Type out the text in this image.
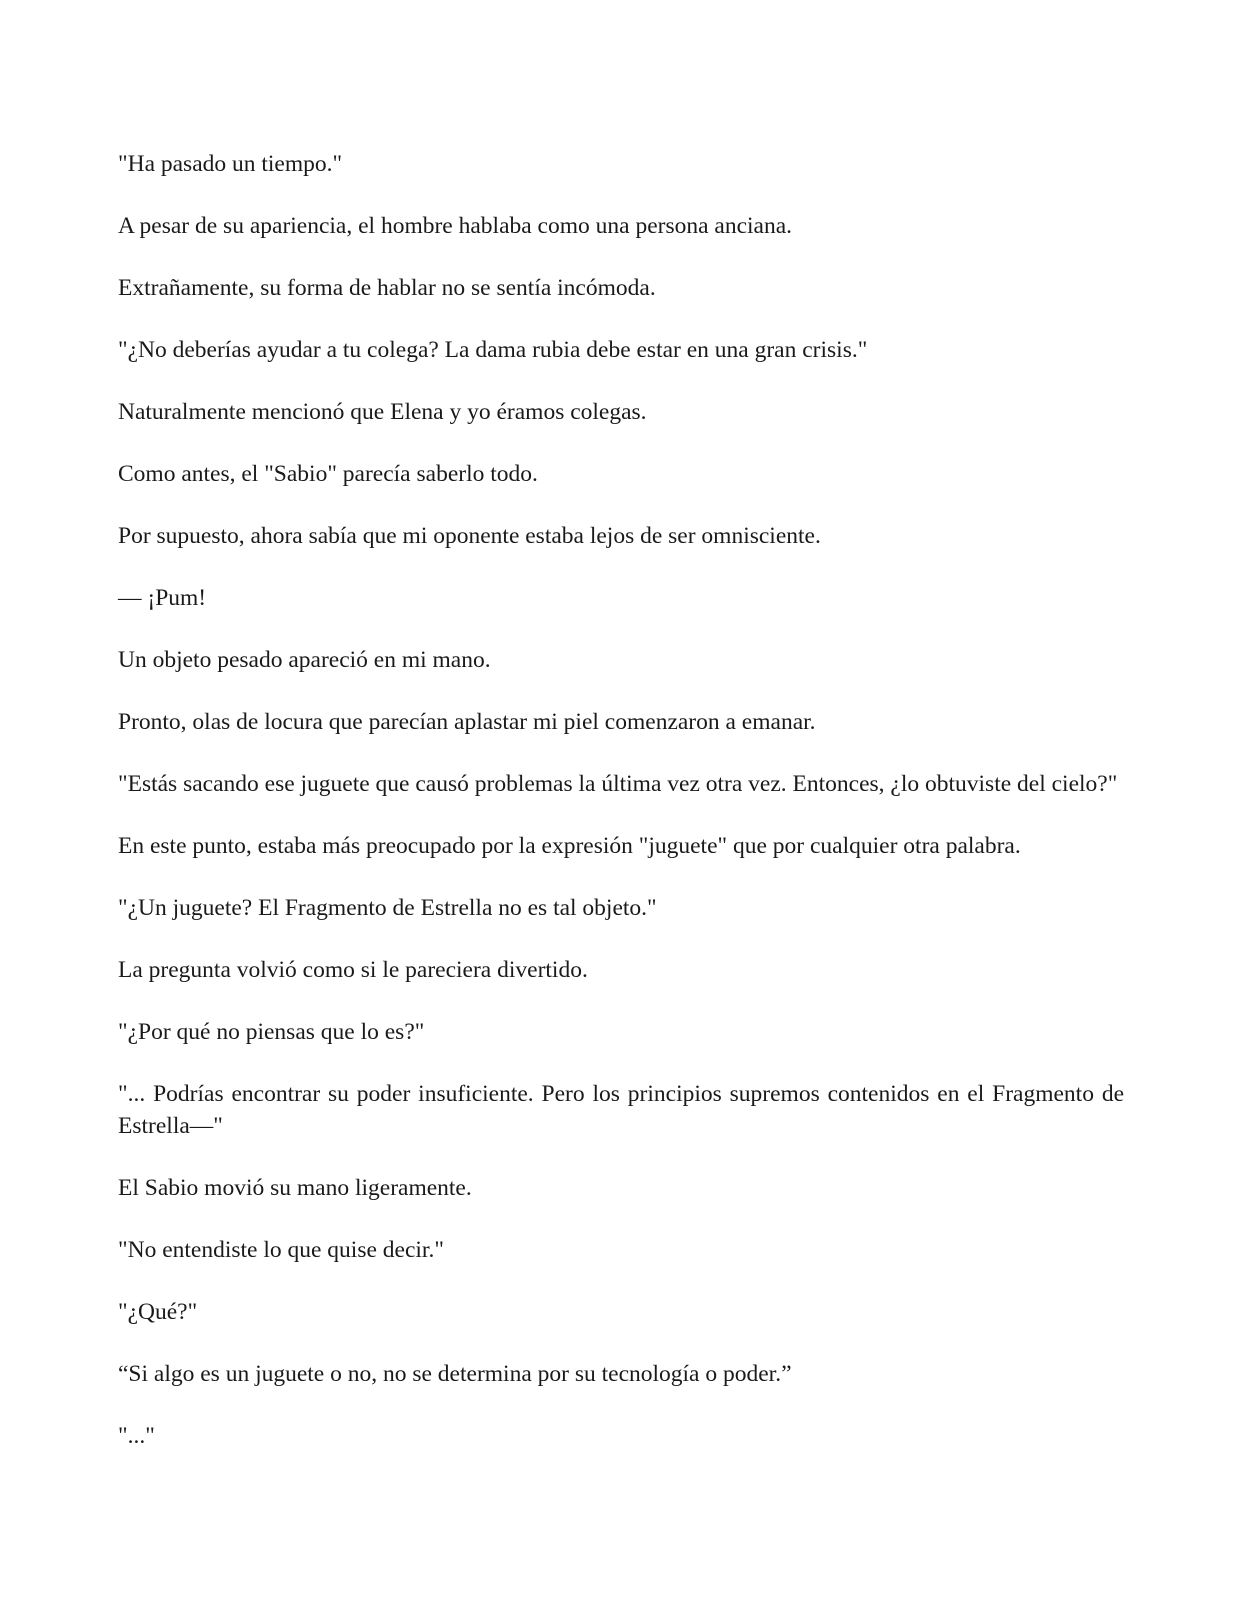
"Ha pasado un tiempo."

A pesar de su apariencia, el hombre hablaba como una persona anciana.

Extrañamente, su forma de hablar no se sentía incómoda.

"¿No deberías ayudar a tu colega? La dama rubia debe estar en una gran crisis."

Naturalmente mencionó que Elena y yo éramos colegas.

Como antes, el "Sabio" parecía saberlo todo.

Por supuesto, ahora sabía que mi oponente estaba lejos de ser omnisciente.

— ¡Pum!

Un objeto pesado apareció en mi mano.

Pronto, olas de locura que parecían aplastar mi piel comenzaron a emanar.

"Estás sacando ese juguete que causó problemas la última vez otra vez. Entonces, ¿lo obtuviste del cielo?"

En este punto, estaba más preocupado por la expresión "juguete" que por cualquier otra palabra.

"¿Un juguete? El Fragmento de Estrella no es tal objeto."

La pregunta volvió como si le pareciera divertido.

"¿Por qué no piensas que lo es?"

"... Podrías encontrar su poder insuficiente. Pero los principios supremos contenidos en el Fragmento de Estrella—"

El Sabio movió su mano ligeramente.

"No entendiste lo que quise decir."

"¿Qué?"

“Si algo es un juguete o no, no se determina por su tecnología o poder.”

"..."
